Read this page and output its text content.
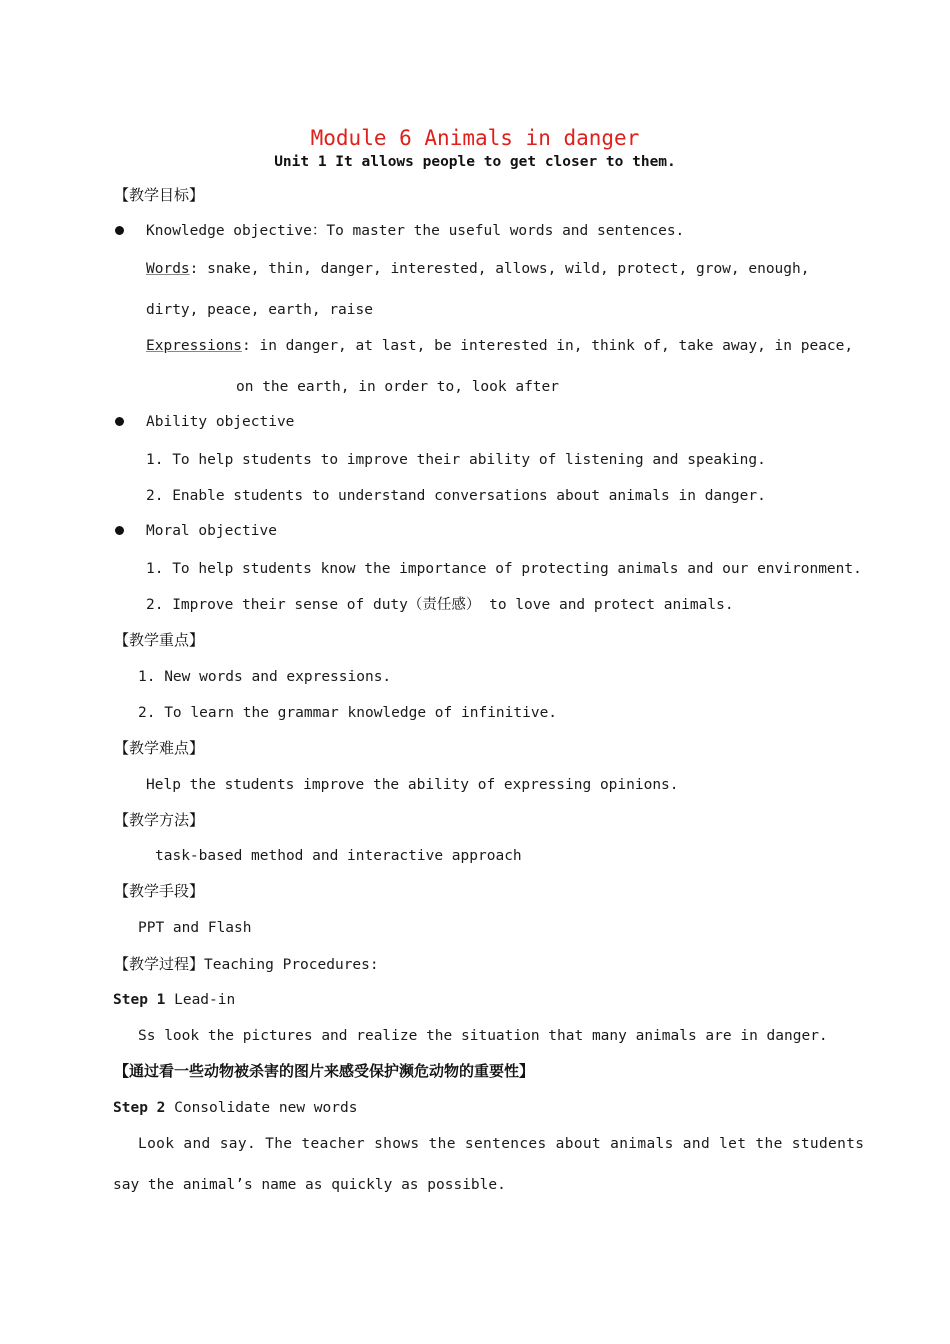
Module 6 Animals in danger
Unit 1 It allows people to get closer to them.
【教学目标】
Knowledge objective：To master the useful words and sentences.
Words: snake, thin, danger, interested, allows, wild, protect, grow, enough,
dirty, peace, earth, raise
Expressions: in danger, at last, be interested in, think of, take away, in peace,
on the earth, in order to, look after
Ability objective
1. To help students to improve their ability of listening and speaking.
2. Enable students to understand conversations about animals in danger.
Moral objective
1. To help students know the importance of protecting animals and our environment.
2. Improve their sense of duty（责任感） to love and protect animals.
【教学重点】
1. New words and expressions.
2. To learn the grammar knowledge of infinitive.
【教学难点】
Help the students improve the ability of expressing opinions.
【教学方法】
task-based method and interactive approach
【教学手段】
PPT and Flash
【教学过程】Teaching Procedures:
Step 1 Lead-in
Ss look the pictures and realize the situation that many animals are in danger.
【通过看一些动物被杀害的图片来感受保护濒危动物的重要性】
Step 2 Consolidate new words
Look and say. The teacher shows the sentences about animals and let the students
say the animal’s name as quickly as possible.
